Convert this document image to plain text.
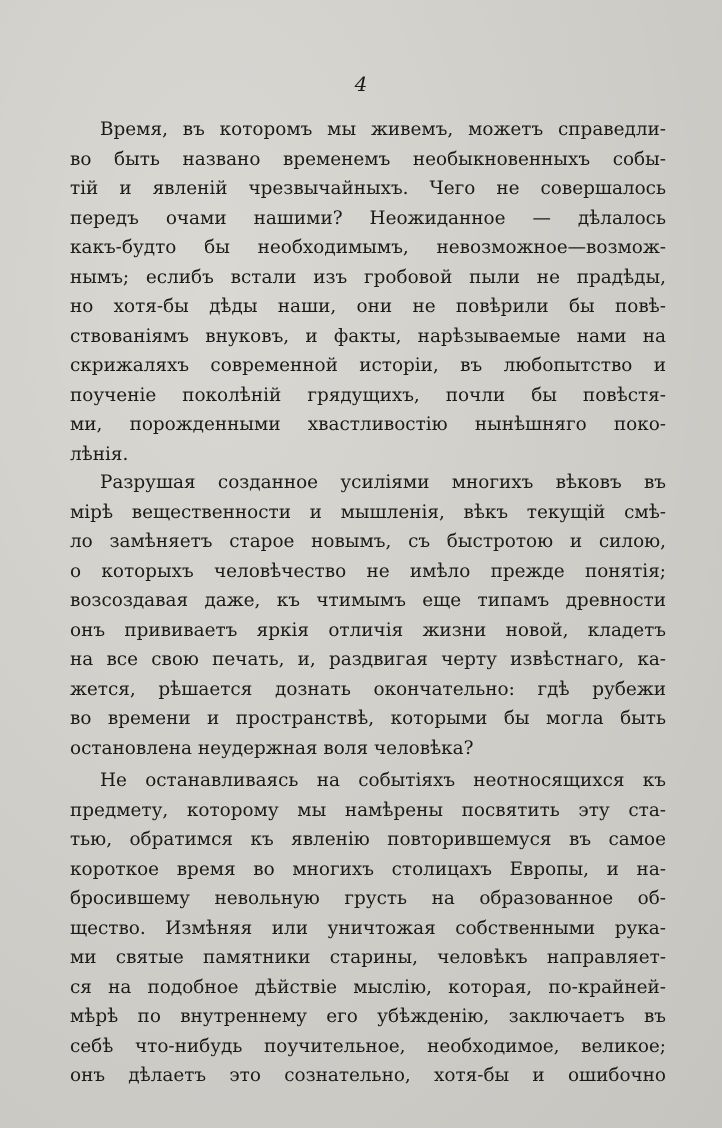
4
Время, въ которомъ мы живемъ, можетъ справедли-
во быть названо временемъ необыкновенныхъ собы-
тій и явленій чрезвычайныхъ. Чего не совершалось
передъ очами нашими? Неожиданное — дѣлалось
какъ-будто бы необходимымъ, невозможное—возмож-
нымъ; еслибъ встали изъ гробовой пыли не прадѣды,
но хотя-бы дѣды наши, они не повѣрили бы повѣ-
ствованіямъ внуковъ, и факты, нарѣзываемые нами на
скрижаляхъ современной исторіи, въ любопытство и
поученіе поколѣній грядущихъ, почли бы повѣстя-
ми, порожденными хвастливостію нынѣшняго поко-
лѣнія.
Разрушая созданное усиліями многихъ вѣковъ въ
мірѣ вещественности и мышленія, вѣкъ текущій смѣ-
ло замѣняетъ старое новымъ, съ быстротою и силою,
о которыхъ человѣчество не имѣло прежде понятія;
возсоздавая даже, къ чтимымъ еще типамъ древности
онъ прививаетъ яркія отличія жизни новой, кладетъ
на все свою печать, и, раздвигая черту извѣстнаго, ка-
жется, рѣшается дознать окончательно: гдѣ рубежи
во времени и пространствѣ, которыми бы могла быть
остановлена неудержная воля человѣка?
Не останавливаясь на событіяхъ неотносящихся къ
предмету, которому мы намѣрены посвятить эту ста-
тью, обратимся къ явленію повторившемуся въ самое
короткое время во многихъ столицахъ Европы, и на-
бросившему невольную грусть на образованное об-
щество. Измѣняя или уничтожая собственными рука-
ми святые памятники старины, человѣкъ направляет-
ся на подобное дѣйствіе мыслію, которая, по-крайней-
мѣрѣ по внутреннему его убѣжденію, заключаетъ въ
себѣ что-нибудь поучительное, необходимое, великое;
онъ дѣлаетъ это сознательно, хотя-бы и ошибочно
